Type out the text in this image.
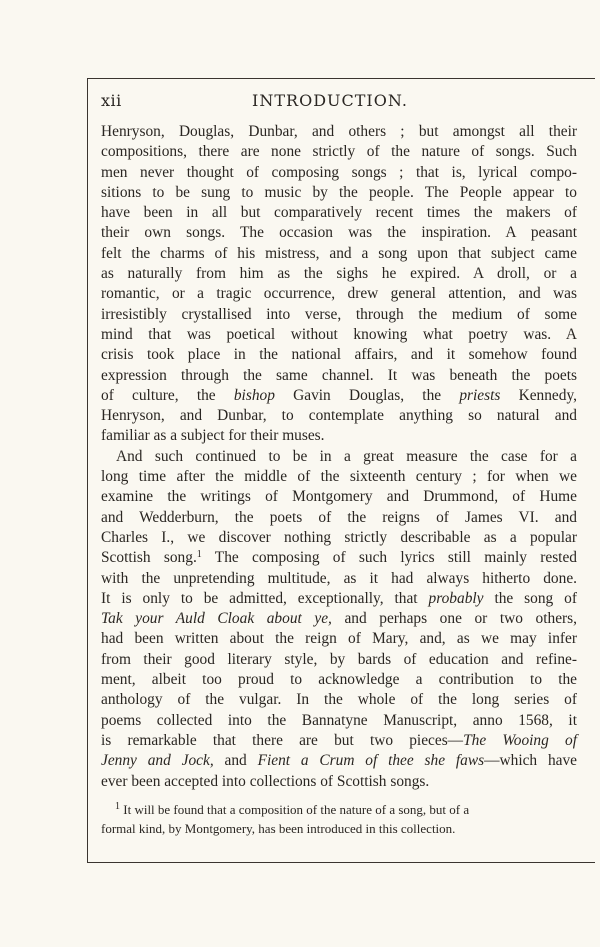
xii	INTRODUCTION.
Henryson, Douglas, Dunbar, and others ; but amongst all their
compositions, there are none strictly of the nature of songs. Such
men never thought of composing songs ; that is, lyrical compo-
sitions to be sung to music by the people. The People appear to
have been in all but comparatively recent times the makers of
their own songs. The occasion was the inspiration. A peasant
felt the charms of his mistress, and a song upon that subject came
as naturally from him as the sighs he expired. A droll, or a
romantic, or a tragic occurrence, drew general attention, and was
irresistibly crystallised into verse, through the medium of some
mind that was poetical without knowing what poetry was. A
crisis took place in the national affairs, and it somehow found
expression through the same channel. It was beneath the poets
of culture, the bishop Gavin Douglas, the priests Kennedy,
Henryson, and Dunbar, to contemplate anything so natural and
familiar as a subject for their muses.
And such continued to be in a great measure the case for a
long time after the middle of the sixteenth century ; for when we
examine the writings of Montgomery and Drummond, of Hume
and Wedderburn, the poets of the reigns of James VI. and
Charles I., we discover nothing strictly describable as a popular
Scottish song.$^1$ The composing of such lyrics still mainly rested
with the unpretending multitude, as it had always hitherto done.
It is only to be admitted, exceptionally, that probably the song of
Tak your Auld Cloak about ye, and perhaps one or two others,
had been written about the reign of Mary, and, as we may infer
from their good literary style, by bards of education and refine-
ment, albeit too proud to acknowledge a contribution to the
anthology of the vulgar. In the whole of the long series of
poems collected into the Bannatyne Manuscript, anno 1568, it
is remarkable that there are but two pieces—The Wooing of
Jenny and Jock, and Fient a Crum of thee she faws—which have
ever been accepted into collections of Scottish songs.
$^1$ It will be found that a composition of the nature of a song, but of a
formal kind, by Montgomery, has been introduced in this collection.
